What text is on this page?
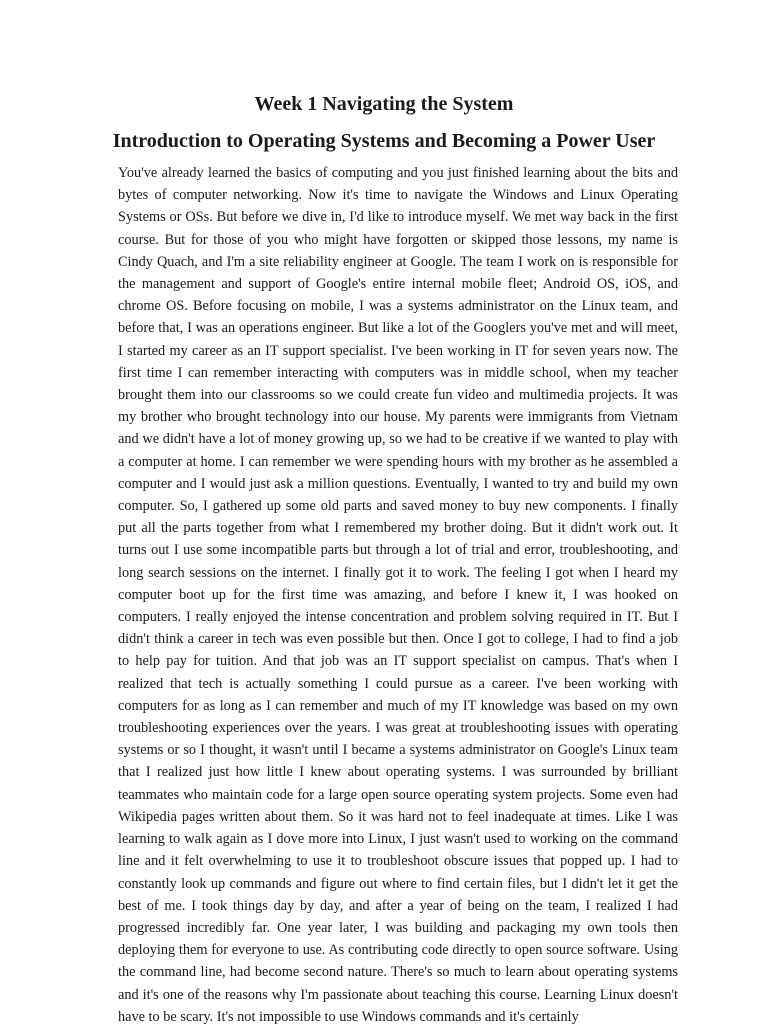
Week 1 Navigating the System
Introduction to Operating Systems and Becoming a Power User

You've already learned the basics of computing and you just finished learning about the bits and bytes of computer networking. Now it's time to navigate the Windows and Linux Operating Systems or OSs. But before we dive in, I'd like to introduce myself. We met way back in the first course. But for those of you who might have forgotten or skipped those lessons, my name is Cindy Quach, and I'm a site reliability engineer at Google. The team I work on is responsible for the management and support of Google's entire internal mobile fleet; Android OS, iOS, and chrome OS. Before focusing on mobile, I was a systems administrator on the Linux team, and before that, I was an operations engineer. But like a lot of the Googlers you've met and will meet, I started my career as an IT support specialist. I've been working in IT for seven years now. The first time I can remember interacting with computers was in middle school, when my teacher brought them into our classrooms so we could create fun video and multimedia projects. It was my brother who brought technology into our house. My parents were immigrants from Vietnam and we didn't have a lot of money growing up, so we had to be creative if we wanted to play with a computer at home. I can remember we were spending hours with my brother as he assembled a computer and I would just ask a million questions. Eventually, I wanted to try and build my own computer. So, I gathered up some old parts and saved money to buy new components. I finally put all the parts together from what I remembered my brother doing. But it didn't work out. It turns out I use some incompatible parts but through a lot of trial and error, troubleshooting, and long search sessions on the internet. I finally got it to work. The feeling I got when I heard my computer boot up for the first time was amazing, and before I knew it, I was hooked on computers. I really enjoyed the intense concentration and problem solving required in IT. But I didn't think a career in tech was even possible but then. Once I got to college, I had to find a job to help pay for tuition. And that job was an IT support specialist on campus. That's when I realized that tech is actually something I could pursue as a career. I've been working with computers for as long as I can remember and much of my IT knowledge was based on my own troubleshooting experiences over the years. I was great at troubleshooting issues with operating systems or so I thought, it wasn't until I became a systems administrator on Google's Linux team that I realized just how little I knew about operating systems. I was surrounded by brilliant teammates who maintain code for a large open source operating system projects. Some even had Wikipedia pages written about them. So it was hard not to feel inadequate at times. Like I was learning to walk again as I dove more into Linux, I just wasn't used to working on the command line and it felt overwhelming to use it to troubleshoot obscure issues that popped up. I had to constantly look up commands and figure out where to find certain files, but I didn't let it get the best of me. I took things day by day, and after a year of being on the team, I realized I had progressed incredibly far. One year later, I was building and packaging my own tools then deploying them for everyone to use. As contributing code directly to open source software. Using the command line, had become second nature. There's so much to learn about operating systems and it's one of the reasons why I'm passionate about teaching this course. Learning Linux doesn't have to be scary. It's not impossible to use Windows commands and it's certainly
